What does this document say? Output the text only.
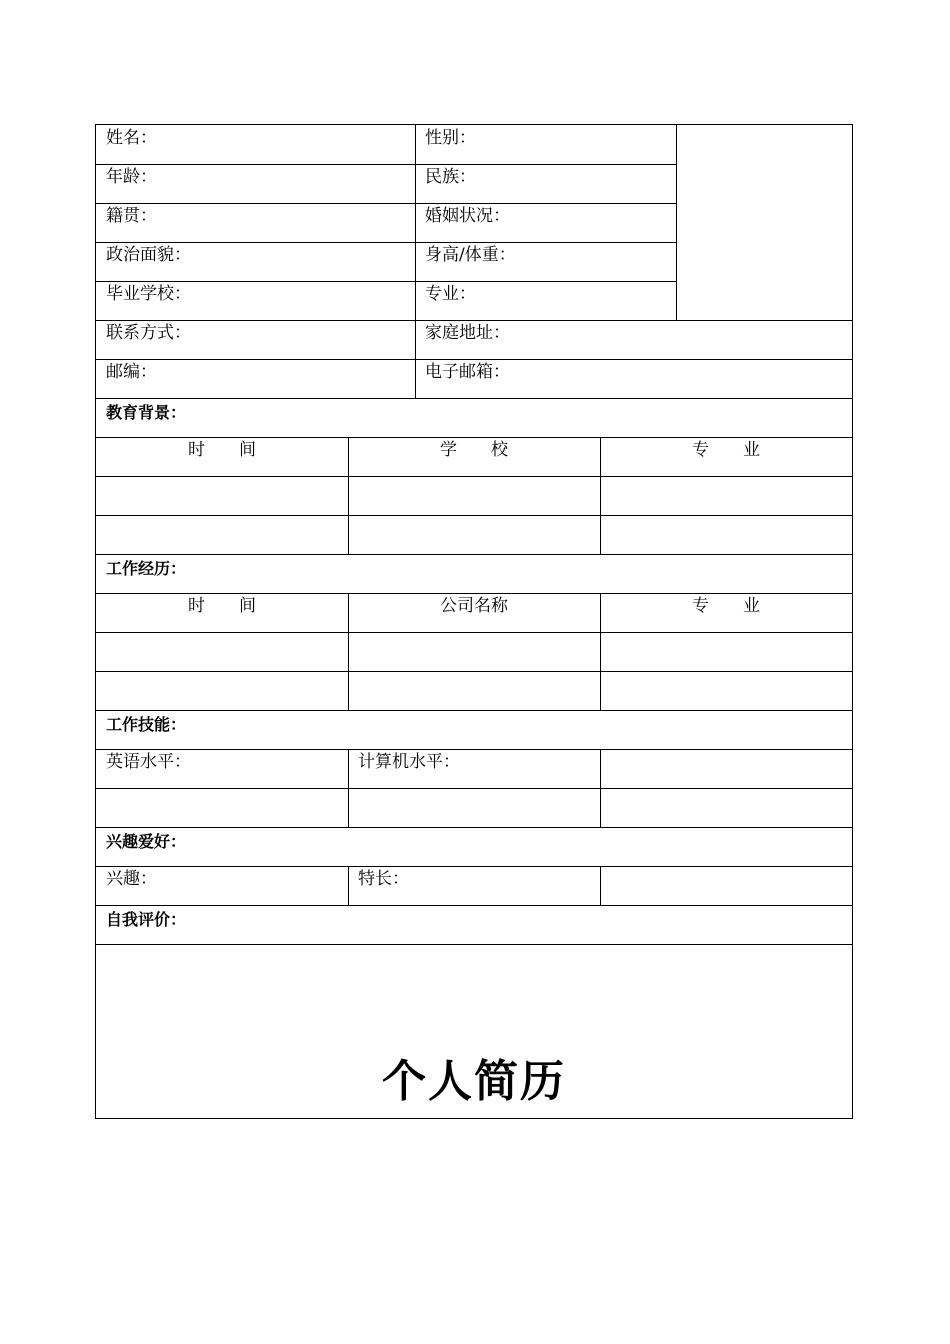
姓名：	性别：
年龄：	民族：
籍贯：	婚姻状况：
政治面貌：	身高/体重：
毕业学校：	专业：
联系方式：	家庭地址：
邮编：	电子邮箱：
教育背景：
时　　间	学　　校	专　　业
工作经历：
时　　间	公司名称	专　　业
工作技能：
英语水平：	计算机水平：
兴趣爱好：
兴趣：	特长：
自我评价：
个人简历
